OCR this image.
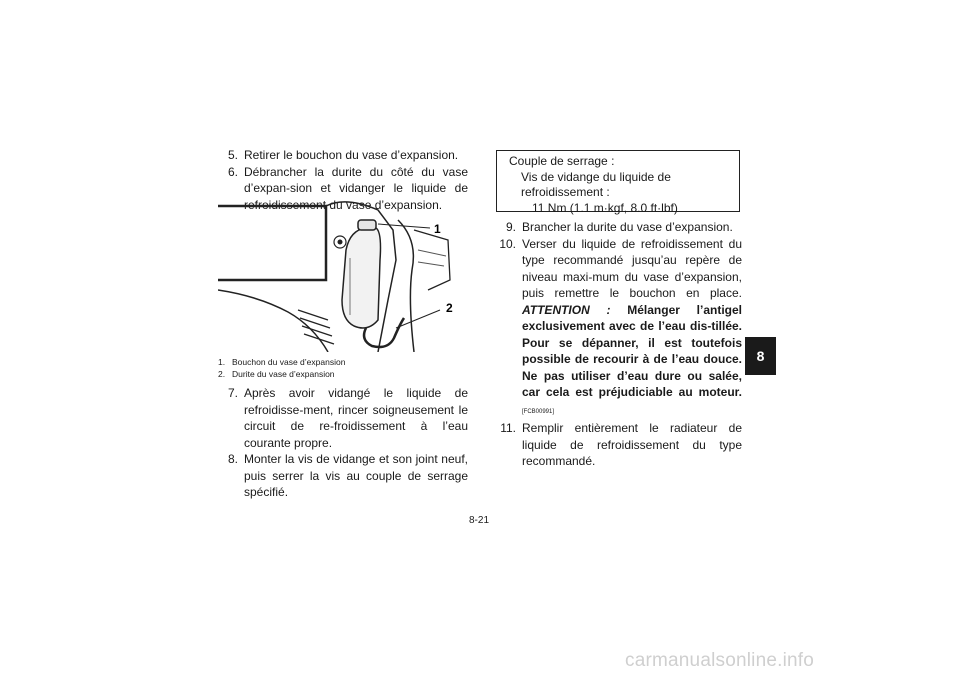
5. Retirer le bouchon du vase d’expansion.
6. Débrancher la durite du côté du vase d’expan-sion et vidanger le liquide de refroidissement du vase d’expansion.
1
2
1. Bouchon du vase d’expansion
2. Durite du vase d’expansion
7. Après avoir vidangé le liquide de refroidisse-ment, rincer soigneusement le circuit de re-froidissement à l’eau courante propre.
8. Monter la vis de vidange et son joint neuf, puis serrer la vis au couple de serrage spécifié.
Couple de serrage :
Vis de vidange du liquide de
refroidissement :
11 Nm (1.1 m·kgf, 8.0 ft·lbf)
9. Brancher la durite du vase d’expansion.
10. Verser du liquide de refroidissement du type recommandé jusqu’au repère de niveau maxi-mum du vase d’expansion, puis remettre le bouchon en place. ATTENTION : Mélanger l’antigel exclusivement avec de l’eau dis-tillée. Pour se dépanner, il est toutefois possible de recourir à de l’eau douce. Ne pas utiliser d’eau dure ou salée, car cela est préjudiciable au moteur. [FCB00991]
11. Remplir entièrement le radiateur de liquide de refroidissement du type recommandé.
8
8-21
carmanualsonline.info
